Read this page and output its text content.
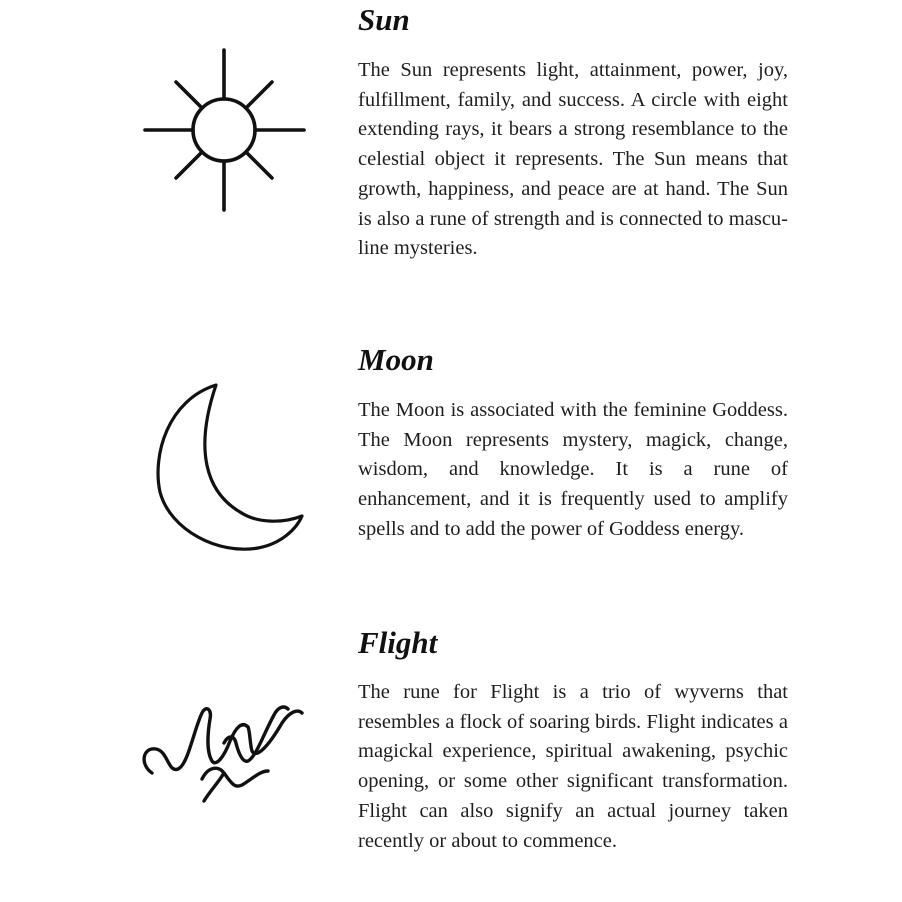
Sun

The Sun represents light, attainment, power, joy, fulfillment, family, and success. A circle with eight extending rays, it bears a strong resemblance to the celestial object it represents. The Sun means that growth, happiness, and peace are at hand. The Sun is also a rune of strength and is connected to masculine mysteries.

Moon

The Moon is associated with the feminine Goddess. The Moon represents mystery, magick, change, wisdom, and knowledge. It is a rune of enhancement, and it is frequently used to amplify spells and to add the power of Goddess energy.

Flight

The rune for Flight is a trio of wyverns that resembles a flock of soaring birds. Flight indicates a magickal experience, spiritual awakening, psychic opening, or some other significant transformation. Flight can also signify an actual journey taken recently or about to commence.
